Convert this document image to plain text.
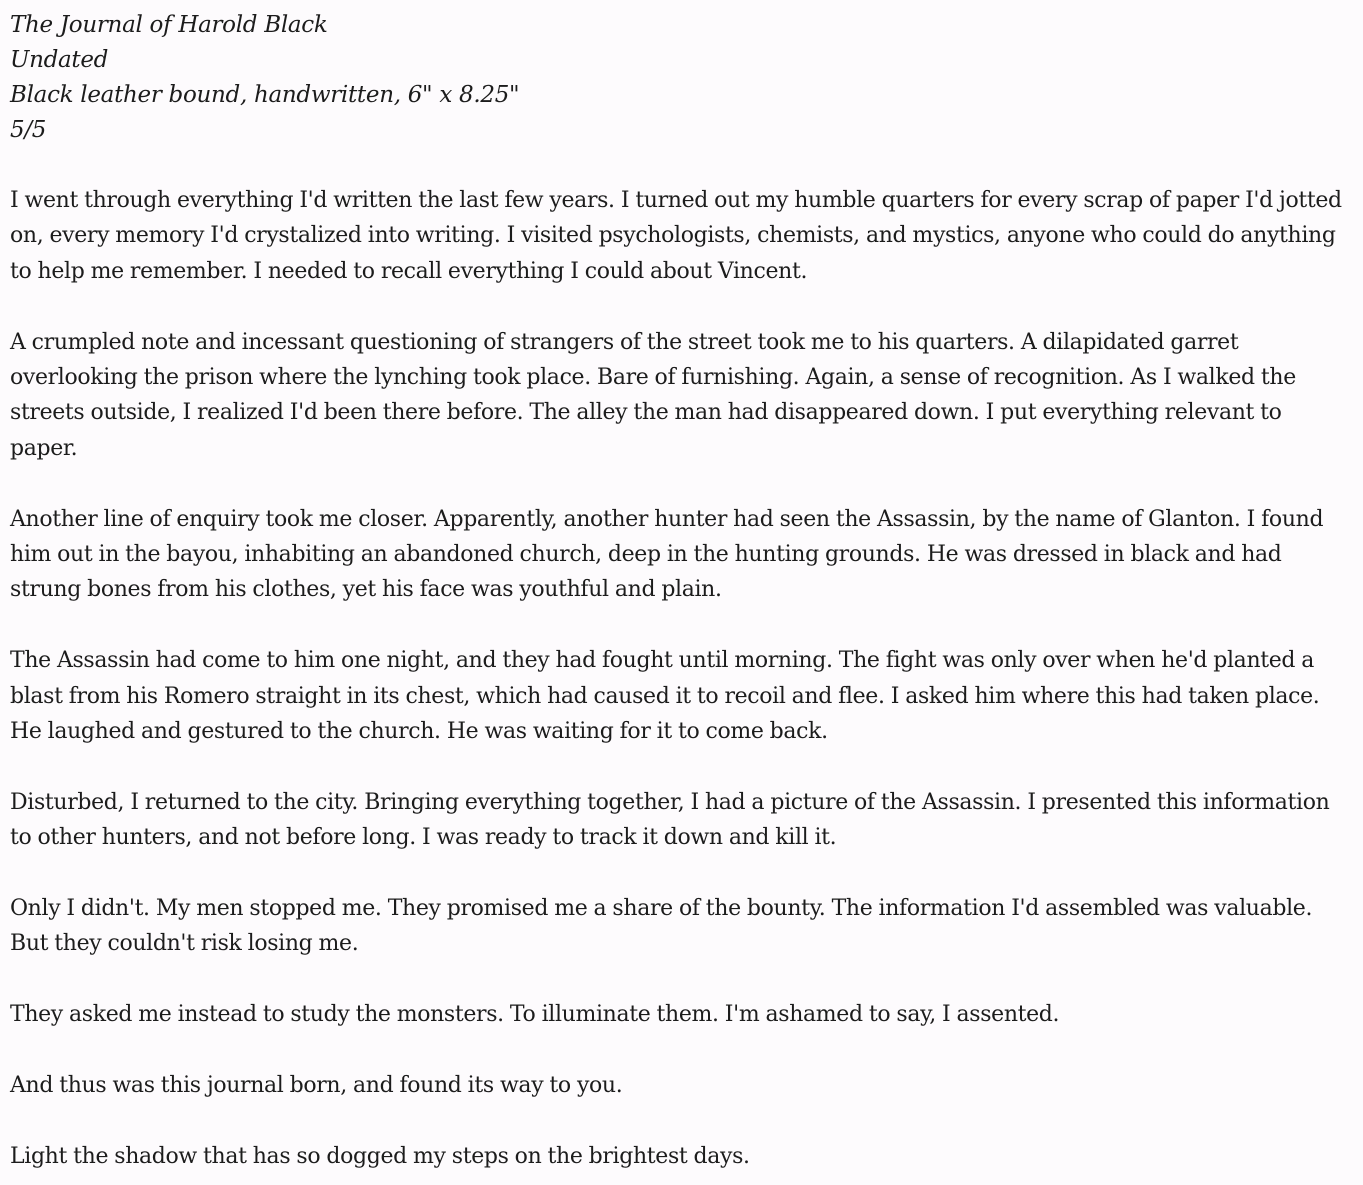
The Journal of Harold Black
Undated
Black leather bound, handwritten, 6" x 8.25"
5/5

I went through everything I'd written the last few years. I turned out my humble quarters for every scrap of paper I'd jotted on, every memory I'd crystalized into writing. I visited psychologists, chemists, and mystics, anyone who could do anything to help me remember. I needed to recall everything I could about Vincent.

A crumpled note and incessant questioning of strangers of the street took me to his quarters. A dilapidated garret overlooking the prison where the lynching took place. Bare of furnishing. Again, a sense of recognition. As I walked the streets outside, I realized I'd been there before. The alley the man had disappeared down. I put everything relevant to paper.

Another line of enquiry took me closer. Apparently, another hunter had seen the Assassin, by the name of Glanton. I found him out in the bayou, inhabiting an abandoned church, deep in the hunting grounds. He was dressed in black and had strung bones from his clothes, yet his face was youthful and plain.

The Assassin had come to him one night, and they had fought until morning. The fight was only over when he'd planted a blast from his Romero straight in its chest, which had caused it to recoil and flee. I asked him where this had taken place. He laughed and gestured to the church. He was waiting for it to come back.

Disturbed, I returned to the city. Bringing everything together, I had a picture of the Assassin. I presented this information to other hunters, and not before long. I was ready to track it down and kill it.

Only I didn't. My men stopped me. They promised me a share of the bounty. The information I'd assembled was valuable. But they couldn't risk losing me.

They asked me instead to study the monsters. To illuminate them. I'm ashamed to say, I assented.

And thus was this journal born, and found its way to you.

Light the shadow that has so dogged my steps on the brightest days.
